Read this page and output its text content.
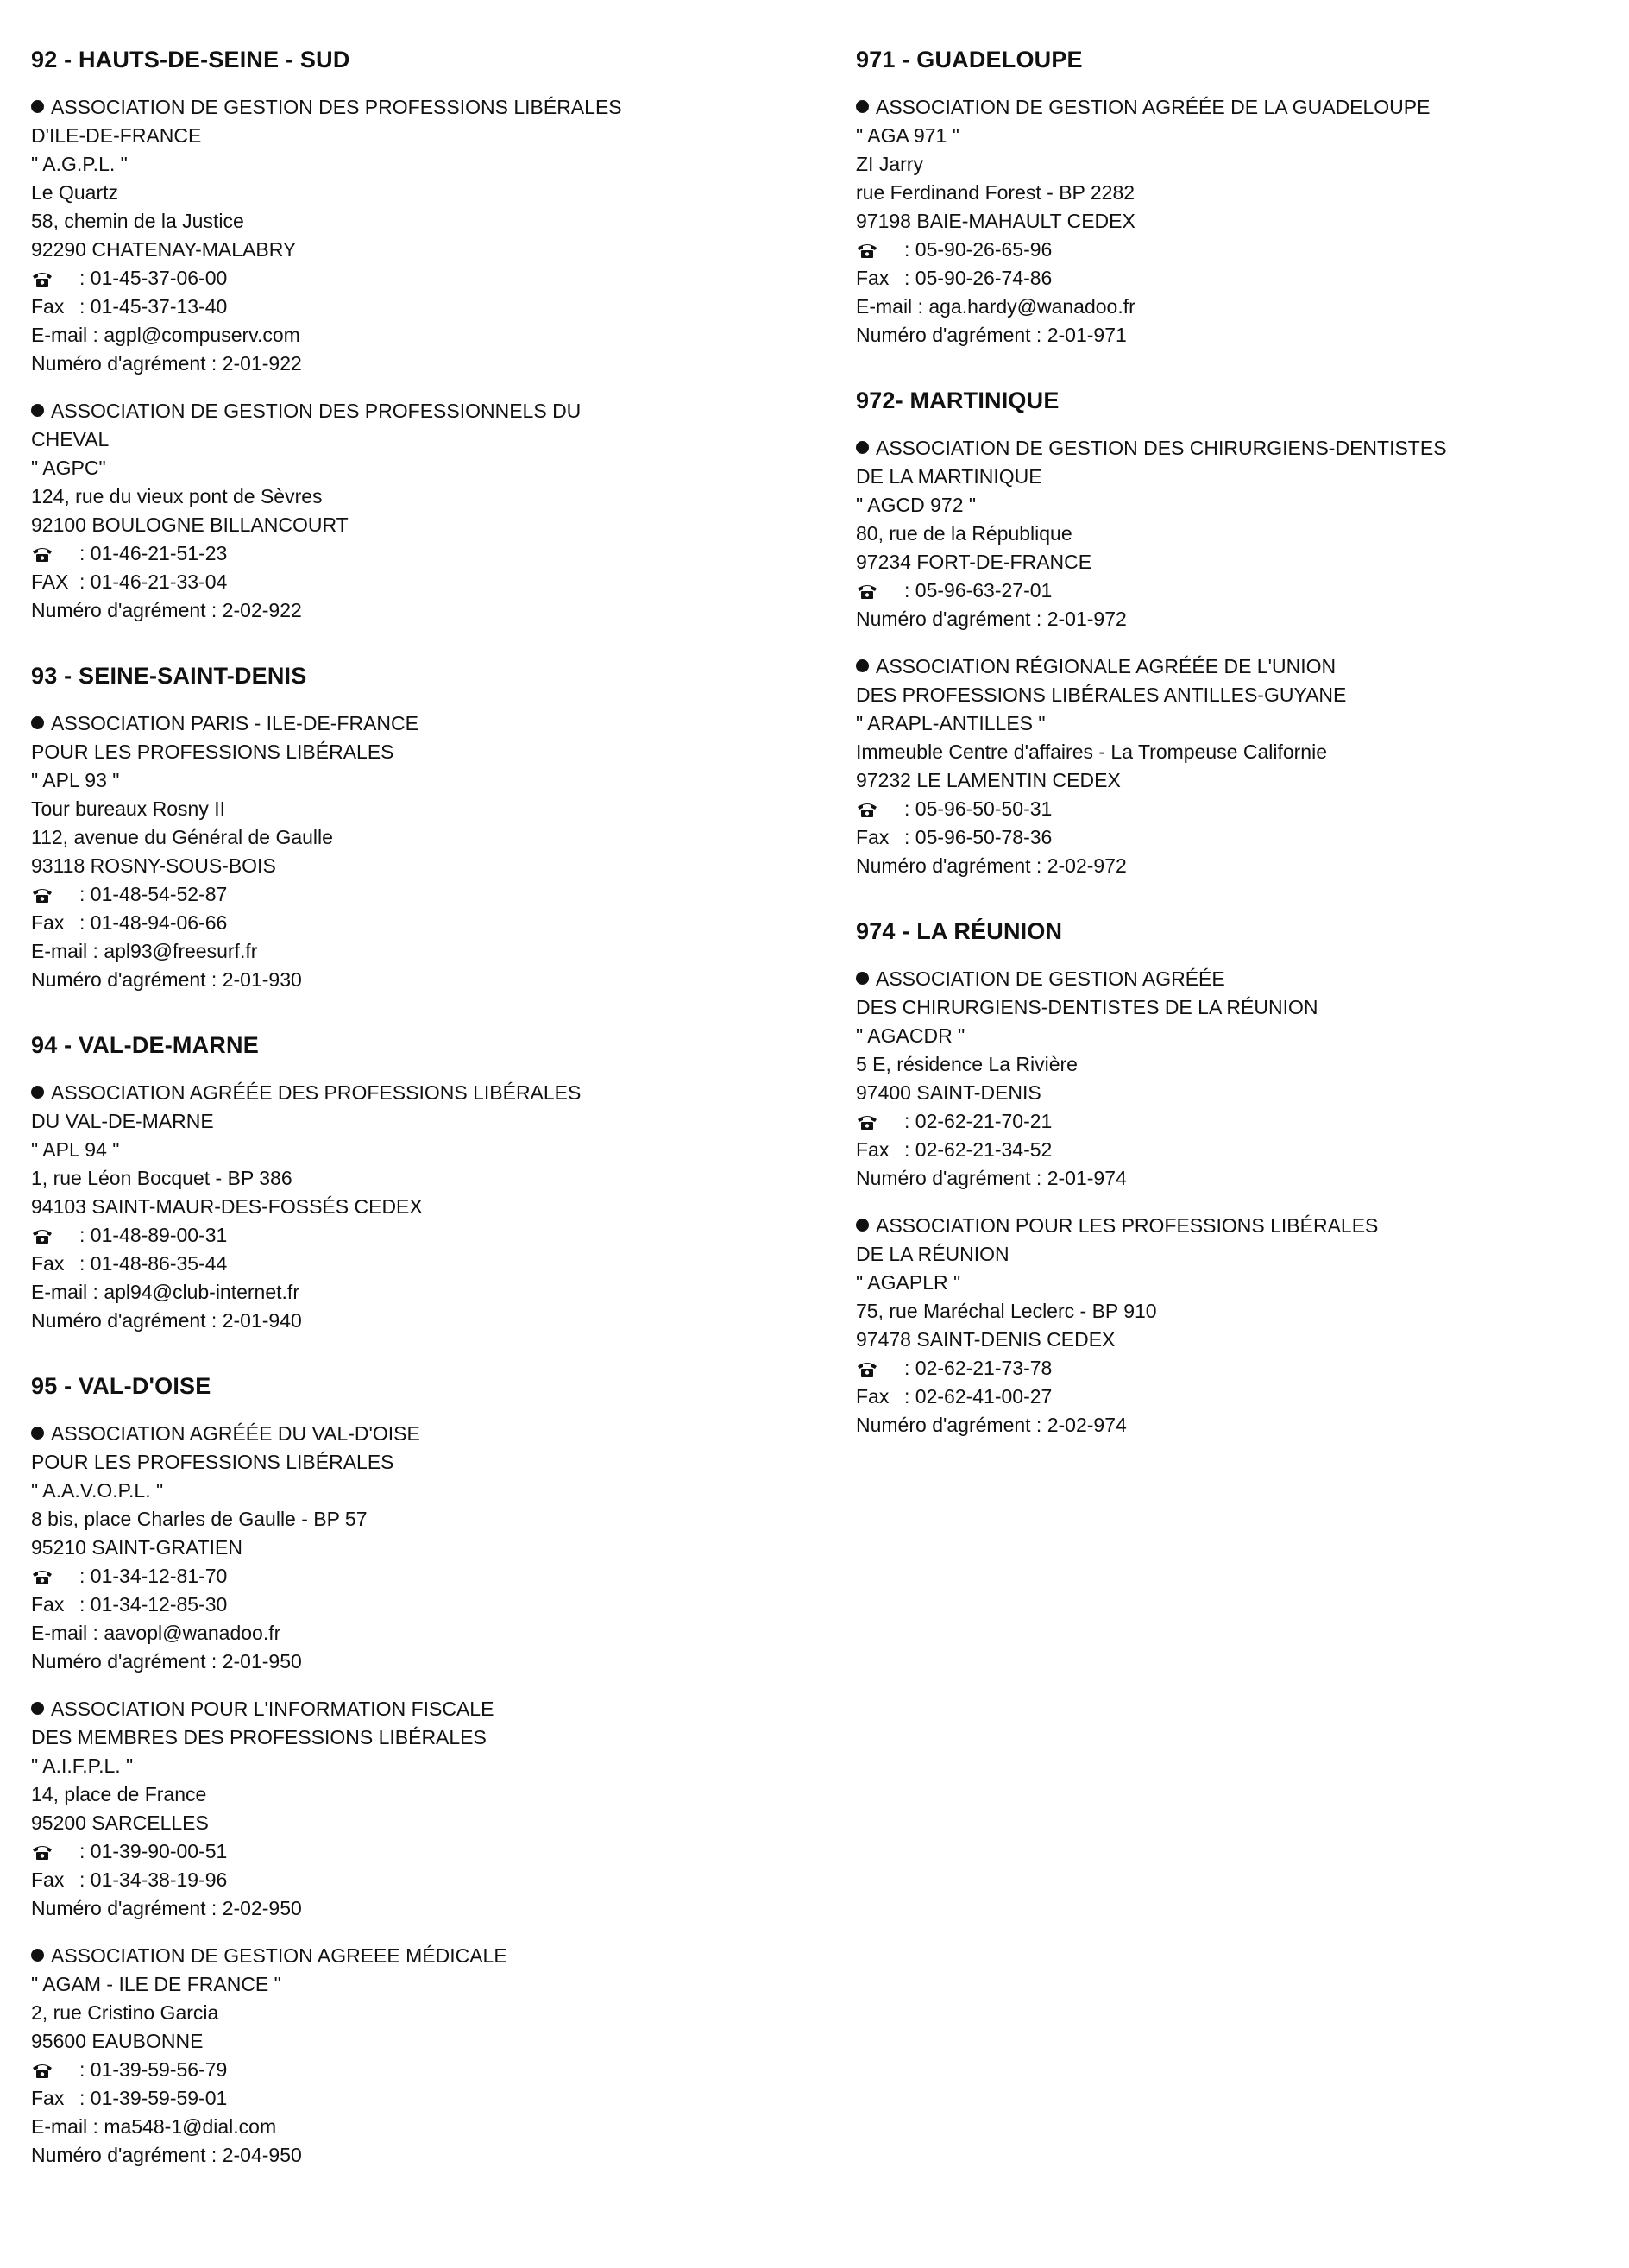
92 - HAUTS-DE-SEINE - SUD
ASSOCIATION DE GESTION DES PROFESSIONS LIBÉRALES
D'ILE-DE-FRANCE
" A.G.P.L. "
Le Quartz
58, chemin de la Justice
92290 CHATENAY-MALABRY
: 01-45-37-06-00
Fax : 01-45-37-13-40
E-mail : agpl@compuserv.com
Numéro d'agrément : 2-01-922
ASSOCIATION DE GESTION DES PROFESSIONNELS DU
CHEVAL
" AGPC"
124, rue du vieux pont de Sèvres
92100 BOULOGNE BILLANCOURT
: 01-46-21-51-23
FAX : 01-46-21-33-04
Numéro d'agrément : 2-02-922
93 - SEINE-SAINT-DENIS
ASSOCIATION PARIS - ILE-DE-FRANCE
POUR LES PROFESSIONS LIBÉRALES
" APL 93 "
Tour bureaux Rosny II
112, avenue du Général de Gaulle
93118 ROSNY-SOUS-BOIS
: 01-48-54-52-87
Fax : 01-48-94-06-66
E-mail : apl93@freesurf.fr
Numéro d'agrément : 2-01-930
94 - VAL-DE-MARNE
ASSOCIATION AGRÉÉE DES PROFESSIONS LIBÉRALES
DU VAL-DE-MARNE
" APL 94 "
1, rue Léon Bocquet - BP 386
94103 SAINT-MAUR-DES-FOSSÉS CEDEX
: 01-48-89-00-31
Fax : 01-48-86-35-44
E-mail : apl94@club-internet.fr
Numéro d'agrément : 2-01-940
95 - VAL-D'OISE
ASSOCIATION AGRÉÉE DU VAL-D'OISE
POUR LES PROFESSIONS LIBÉRALES
" A.A.V.O.P.L. "
8 bis, place Charles de Gaulle - BP 57
95210 SAINT-GRATIEN
: 01-34-12-81-70
Fax : 01-34-12-85-30
E-mail : aavopl@wanadoo.fr
Numéro d'agrément : 2-01-950
ASSOCIATION POUR L'INFORMATION FISCALE
DES MEMBRES DES PROFESSIONS LIBÉRALES
" A.I.F.P.L. "
14, place de France
95200 SARCELLES
: 01-39-90-00-51
Fax : 01-34-38-19-96
Numéro d'agrément : 2-02-950
ASSOCIATION DE GESTION AGREEE MÉDICALE
" AGAM - ILE DE FRANCE "
2, rue Cristino Garcia
95600 EAUBONNE
: 01-39-59-56-79
Fax : 01-39-59-59-01
E-mail : ma548-1@dial.com
Numéro d'agrément : 2-04-950
971 - GUADELOUPE
ASSOCIATION DE GESTION AGRÉÉE DE LA GUADELOUPE
" AGA 971 "
ZI Jarry
rue Ferdinand Forest - BP 2282
97198 BAIE-MAHAULT CEDEX
: 05-90-26-65-96
Fax : 05-90-26-74-86
E-mail : aga.hardy@wanadoo.fr
Numéro d'agrément : 2-01-971
972- MARTINIQUE
ASSOCIATION DE GESTION DES CHIRURGIENS-DENTISTES
DE LA MARTINIQUE
" AGCD 972 "
80, rue de la République
97234 FORT-DE-FRANCE
: 05-96-63-27-01
Numéro d'agrément : 2-01-972
ASSOCIATION RÉGIONALE AGRÉÉE DE L'UNION
DES PROFESSIONS LIBÉRALES ANTILLES-GUYANE
" ARAPL-ANTILLES "
Immeuble Centre d'affaires - La Trompeuse Californie
97232 LE LAMENTIN CEDEX
: 05-96-50-50-31
Fax : 05-96-50-78-36
Numéro d'agrément : 2-02-972
974 - LA RÉUNION
ASSOCIATION DE GESTION AGRÉÉE
DES CHIRURGIENS-DENTISTES DE LA RÉUNION
" AGACDR "
5 E, résidence La Rivière
97400 SAINT-DENIS
: 02-62-21-70-21
Fax : 02-62-21-34-52
Numéro d'agrément : 2-01-974
ASSOCIATION POUR LES PROFESSIONS LIBÉRALES
DE LA RÉUNION
" AGAPLR "
75, rue Maréchal Leclerc - BP 910
97478 SAINT-DENIS CEDEX
: 02-62-21-73-78
Fax : 02-62-41-00-27
Numéro d'agrément : 2-02-974
